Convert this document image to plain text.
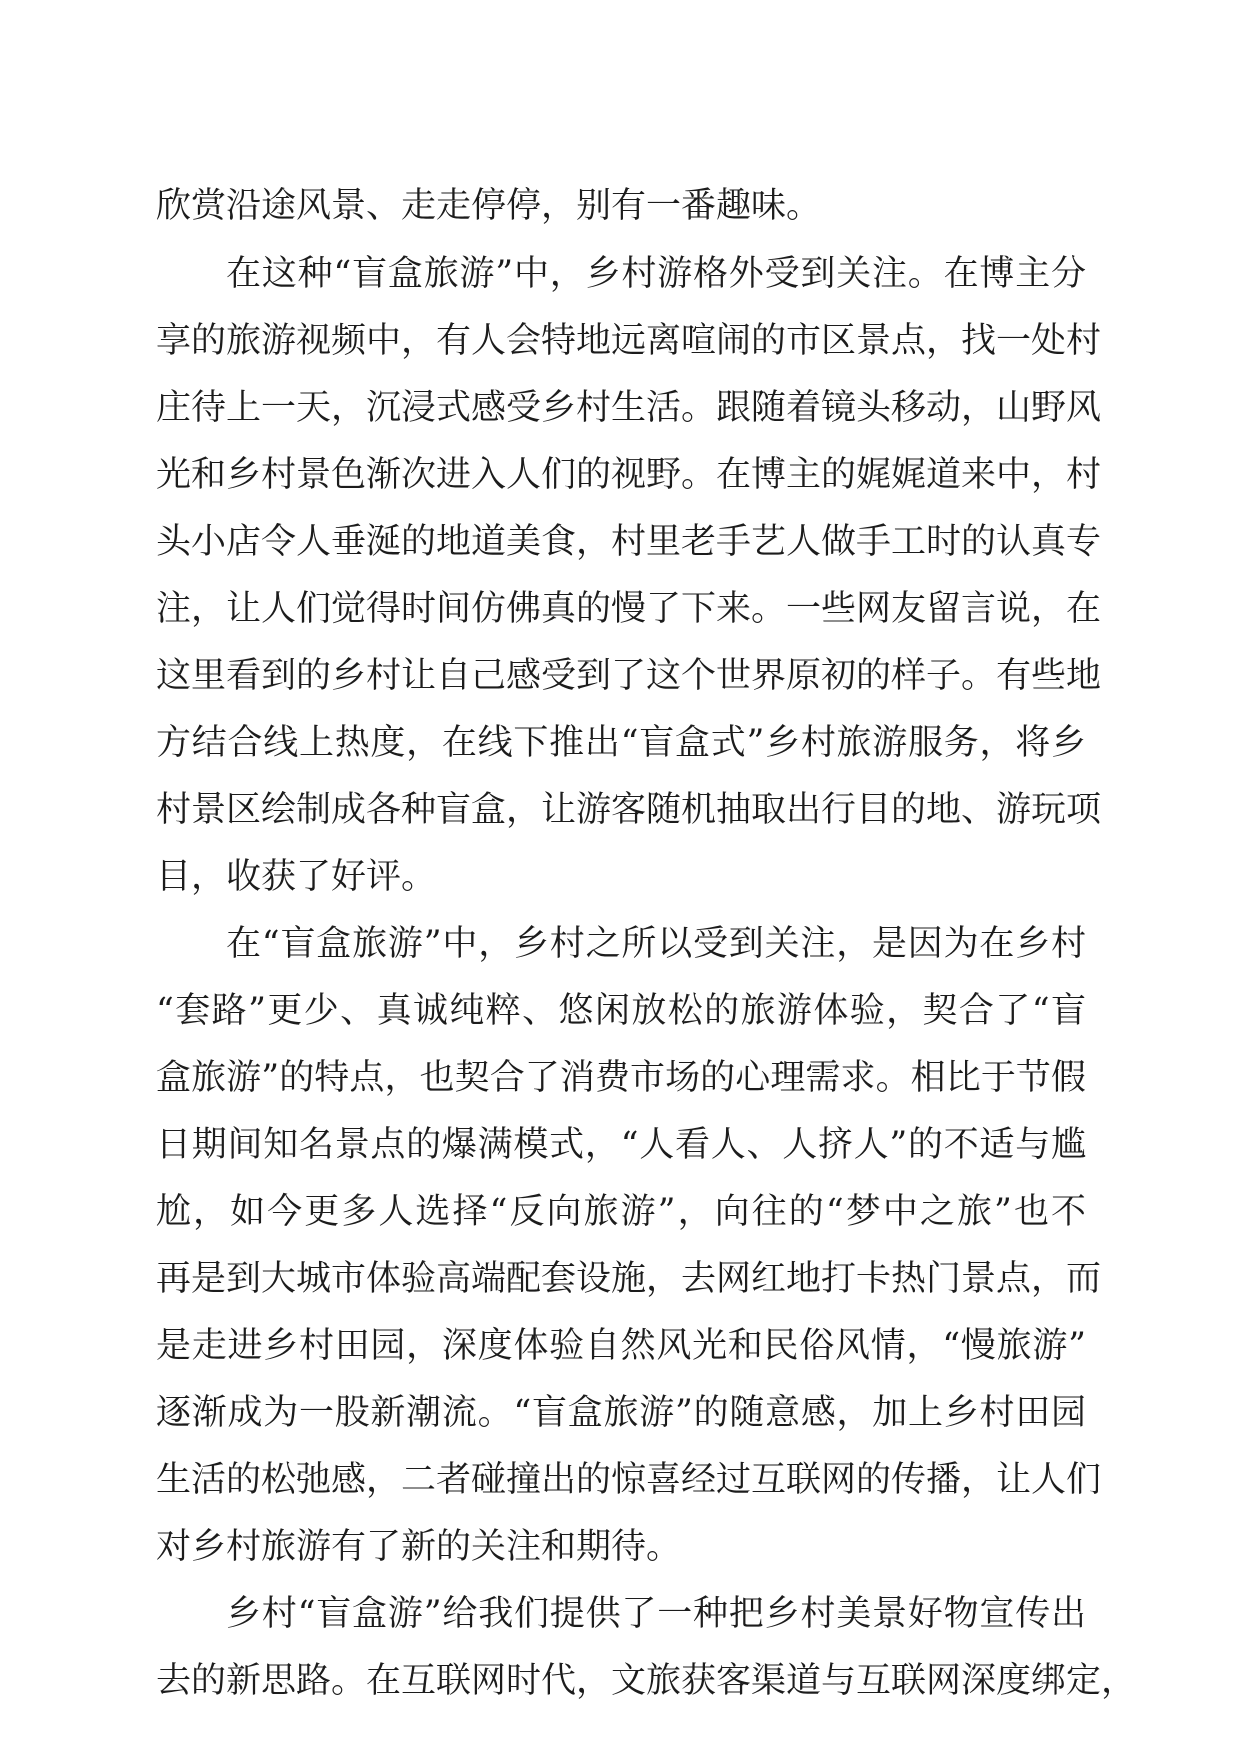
欣赏沿途风景、走走停停，别有一番趣味。
在这种“盲盒旅游”中，乡村游格外受到关注。在博主分
享的旅游视频中，有人会特地远离喧闹的市区景点，找一处村
庄待上一天，沉浸式感受乡村生活。跟随着镜头移动，山野风
光和乡村景色渐次进入人们的视野。在博主的娓娓道来中，村
头小店令人垂涎的地道美食，村里老手艺人做手工时的认真专
注，让人们觉得时间仿佛真的慢了下来。一些网友留言说，在
这里看到的乡村让自己感受到了这个世界原初的样子。有些地
方结合线上热度，在线下推出“盲盒式”乡村旅游服务，将乡
村景区绘制成各种盲盒，让游客随机抽取出行目的地、游玩项
目，收获了好评。
在“盲盒旅游”中，乡村之所以受到关注，是因为在乡村
“套路”更少、真诚纯粹、悠闲放松的旅游体验，契合了“盲
盒旅游”的特点，也契合了消费市场的心理需求。相比于节假
日期间知名景点的爆满模式，“人看人、人挤人”的不适与尴
尬，如今更多人选择“反向旅游”，向往的“梦中之旅”也不
再是到大城市体验高端配套设施，去网红地打卡热门景点，而
是走进乡村田园，深度体验自然风光和民俗风情，“慢旅游”
逐渐成为一股新潮流。“盲盒旅游”的随意感，加上乡村田园
生活的松弛感，二者碰撞出的惊喜经过互联网的传播，让人们
对乡村旅游有了新的关注和期待。
乡村“盲盒游”给我们提供了一种把乡村美景好物宣传出
去的新思路。在互联网时代，文旅获客渠道与互联网深度绑定，
